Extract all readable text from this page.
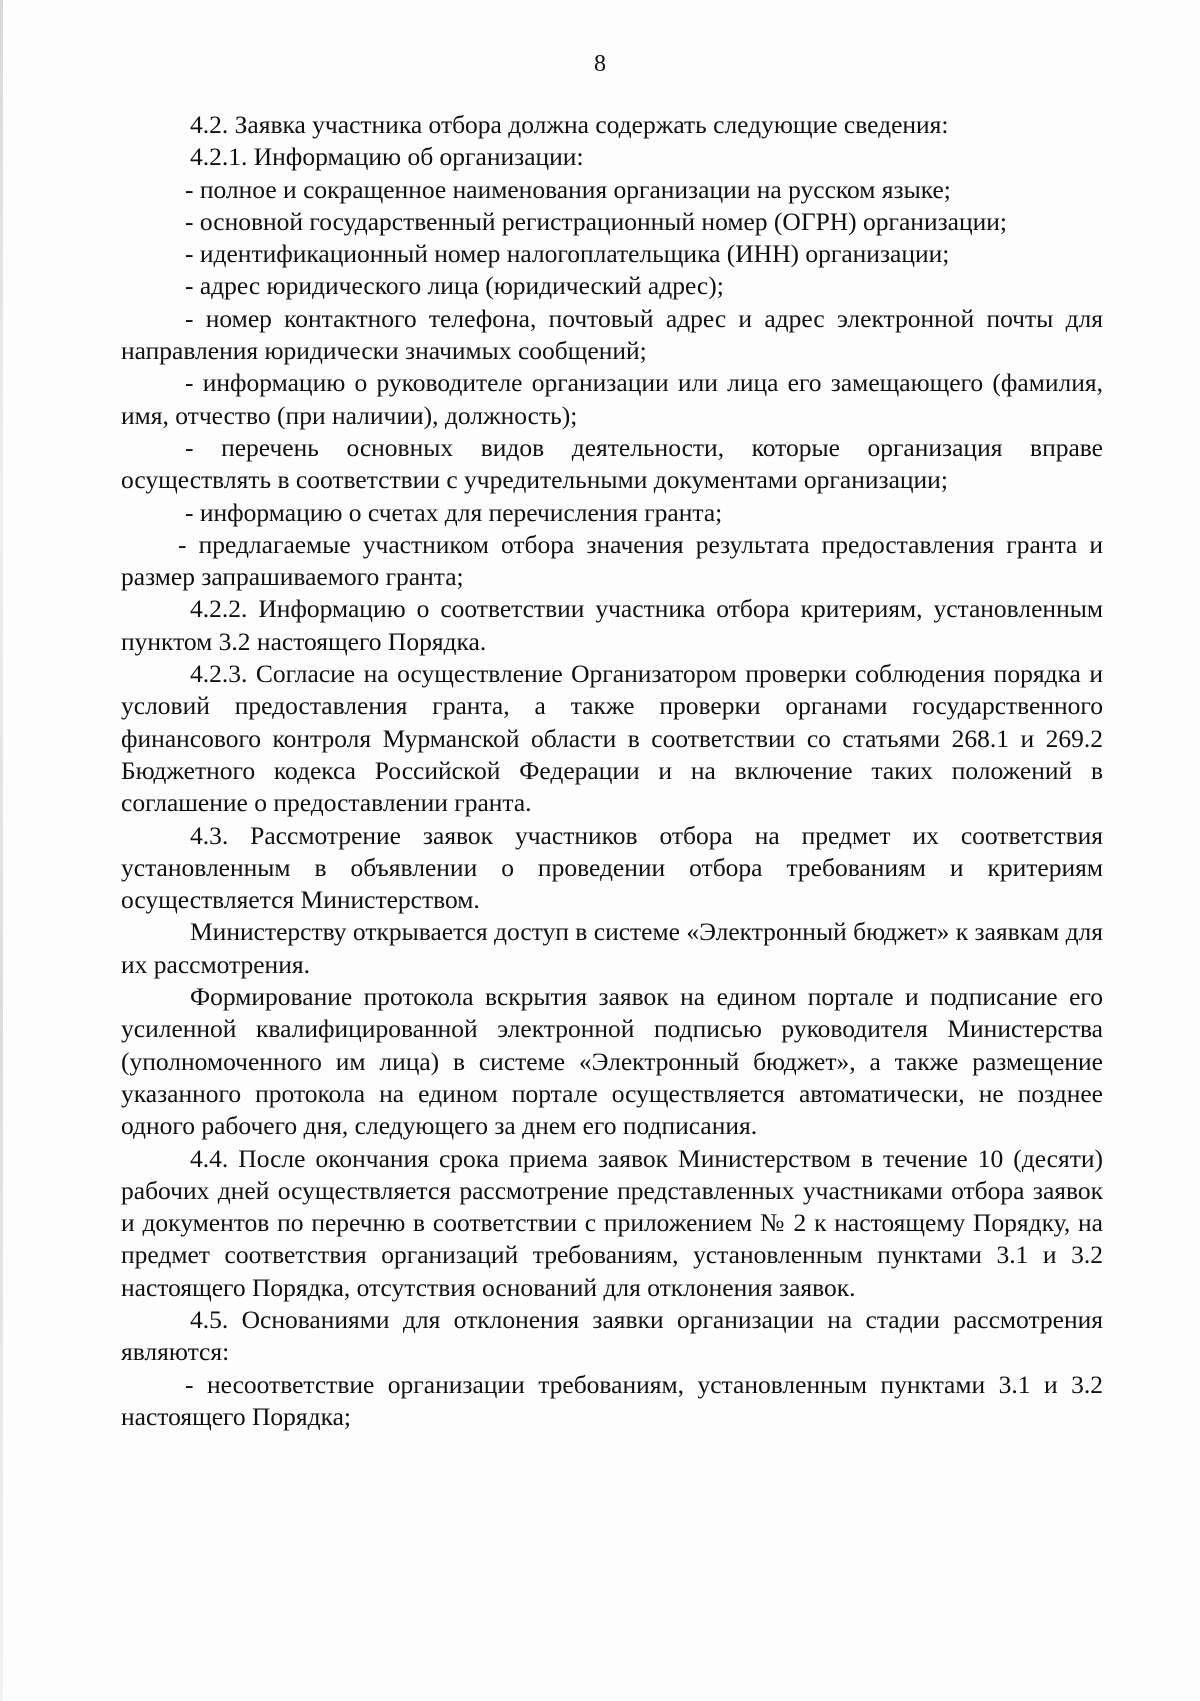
8

4.2. Заявка участника отбора должна содержать следующие сведения:

4.2.1. Информацию об организации:

- полное и сокращенное наименования организации на русском языке;

- основной государственный регистрационный номер (ОГРН) организации;

- идентификационный номер налогоплательщика (ИНН) организации;

- адрес юридического лица (юридический адрес);

- номер контактного телефона, почтовый адрес и адрес электронной почты для направления юридически значимых сообщений;

- информацию о руководителе организации или лица его замещающего (фамилия, имя, отчество (при наличии), должность);

- перечень основных видов деятельности, которые организация вправе осуществлять в соответствии с учредительными документами организации;

- информацию о счетах для перечисления гранта;

- предлагаемые участником отбора значения результата предоставления гранта и размер запрашиваемого гранта;

4.2.2. Информацию о соответствии участника отбора критериям, установленным пунктом 3.2 настоящего Порядка.

4.2.3. Согласие на осуществление Организатором проверки соблюдения порядка и условий предоставления гранта, а также проверки органами государственного финансового контроля Мурманской области в соответствии со статьями 268.1 и 269.2 Бюджетного кодекса Российской Федерации и на включение таких положений в соглашение о предоставлении гранта.

4.3. Рассмотрение заявок участников отбора на предмет их соответствия установленным в объявлении о проведении отбора требованиям и критериям осуществляется Министерством.

Министерству открывается доступ в системе «Электронный бюджет» к заявкам для их рассмотрения.

Формирование протокола вскрытия заявок на едином портале и подписание его усиленной квалифицированной электронной подписью руководителя Министерства (уполномоченного им лица) в системе «Электронный бюджет», а также размещение указанного протокола на едином портале осуществляется автоматически, не позднее одного рабочего дня, следующего за днем его подписания.

4.4. После окончания срока приема заявок Министерством в течение 10 (десяти) рабочих дней осуществляется рассмотрение представленных участниками отбора заявок и документов по перечню в соответствии с приложением № 2 к настоящему Порядку, на предмет соответствия организаций требованиям, установленным пунктами 3.1 и 3.2 настоящего Порядка, отсутствия оснований для отклонения заявок.

4.5. Основаниями для отклонения заявки организации на стадии рассмотрения являются:

- несоответствие организации требованиям, установленным пунктами 3.1 и 3.2 настоящего Порядка;
